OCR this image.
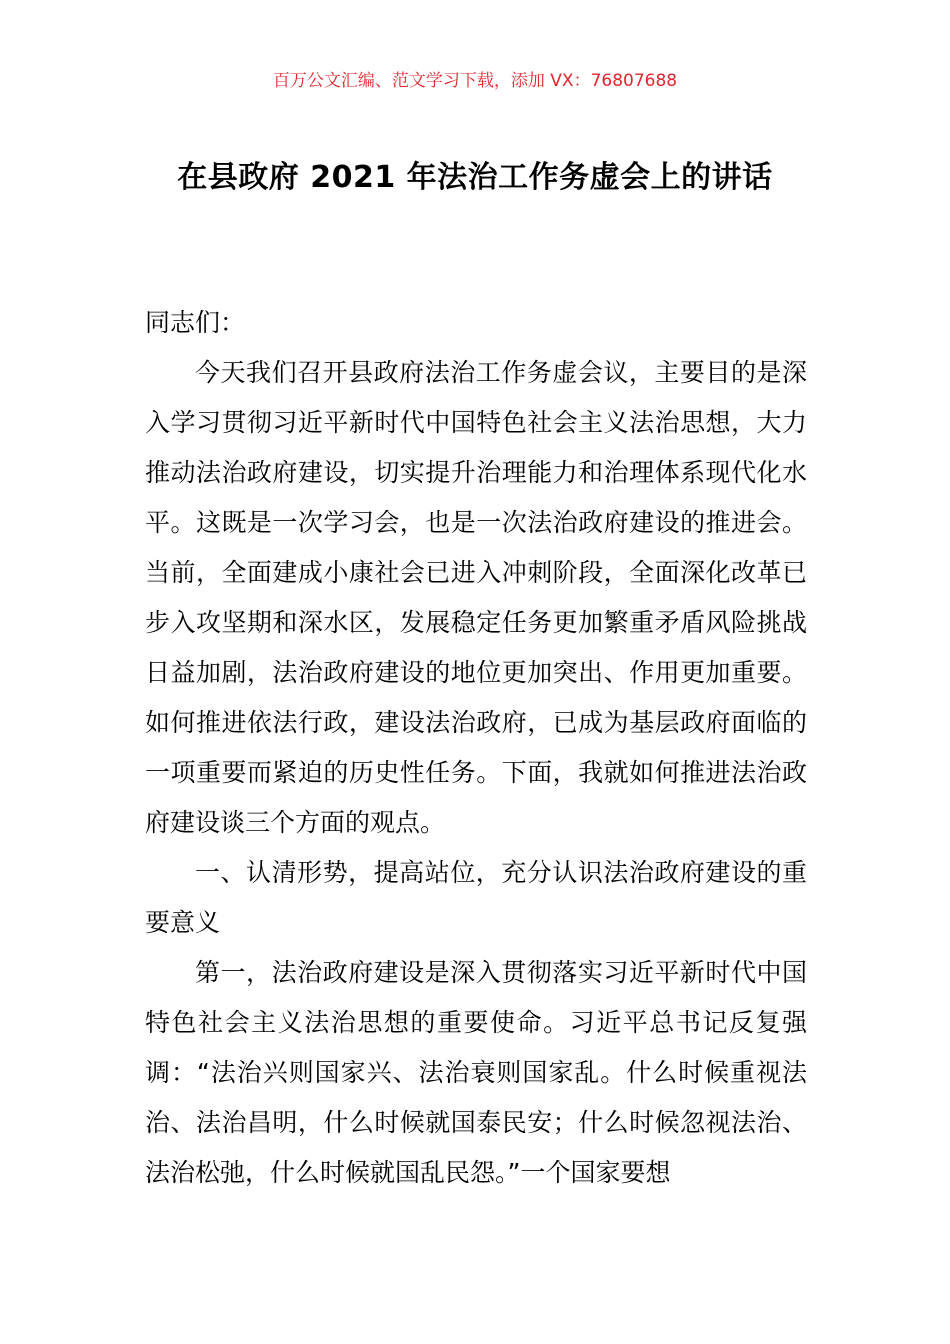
百万公文汇编、范文学习下载，添加 VX：76807688
在县政府 2021 年法治工作务虚会上的讲话

同志们：

今天我们召开县政府法治工作务虚会议，主要目的是深入学习贯彻习近平新时代中国特色社会主义法治思想，大力推动法治政府建设，切实提升治理能力和治理体系现代化水平。这既是一次学习会，也是一次法治政府建设的推进会。当前，全面建成小康社会已进入冲刺阶段，全面深化改革已步入攻坚期和深水区，发展稳定任务更加繁重矛盾风险挑战日益加剧，法治政府建设的地位更加突出、作用更加重要。如何推进依法行政，建设法治政府，已成为基层政府面临的一项重要而紧迫的历史性任务。下面，我就如何推进法治政府建设谈三个方面的观点。

一、认清形势，提高站位，充分认识法治政府建设的重要意义

第一，法治政府建设是深入贯彻落实习近平新时代中国特色社会主义法治思想的重要使命。习近平总书记反复强调：“法治兴则国家兴、法治衰则国家乱。什么时候重视法治、法治昌明，什么时候就国泰民安；什么时候忽视法治、法治松弛，什么时候就国乱民怨。”一个国家要想
